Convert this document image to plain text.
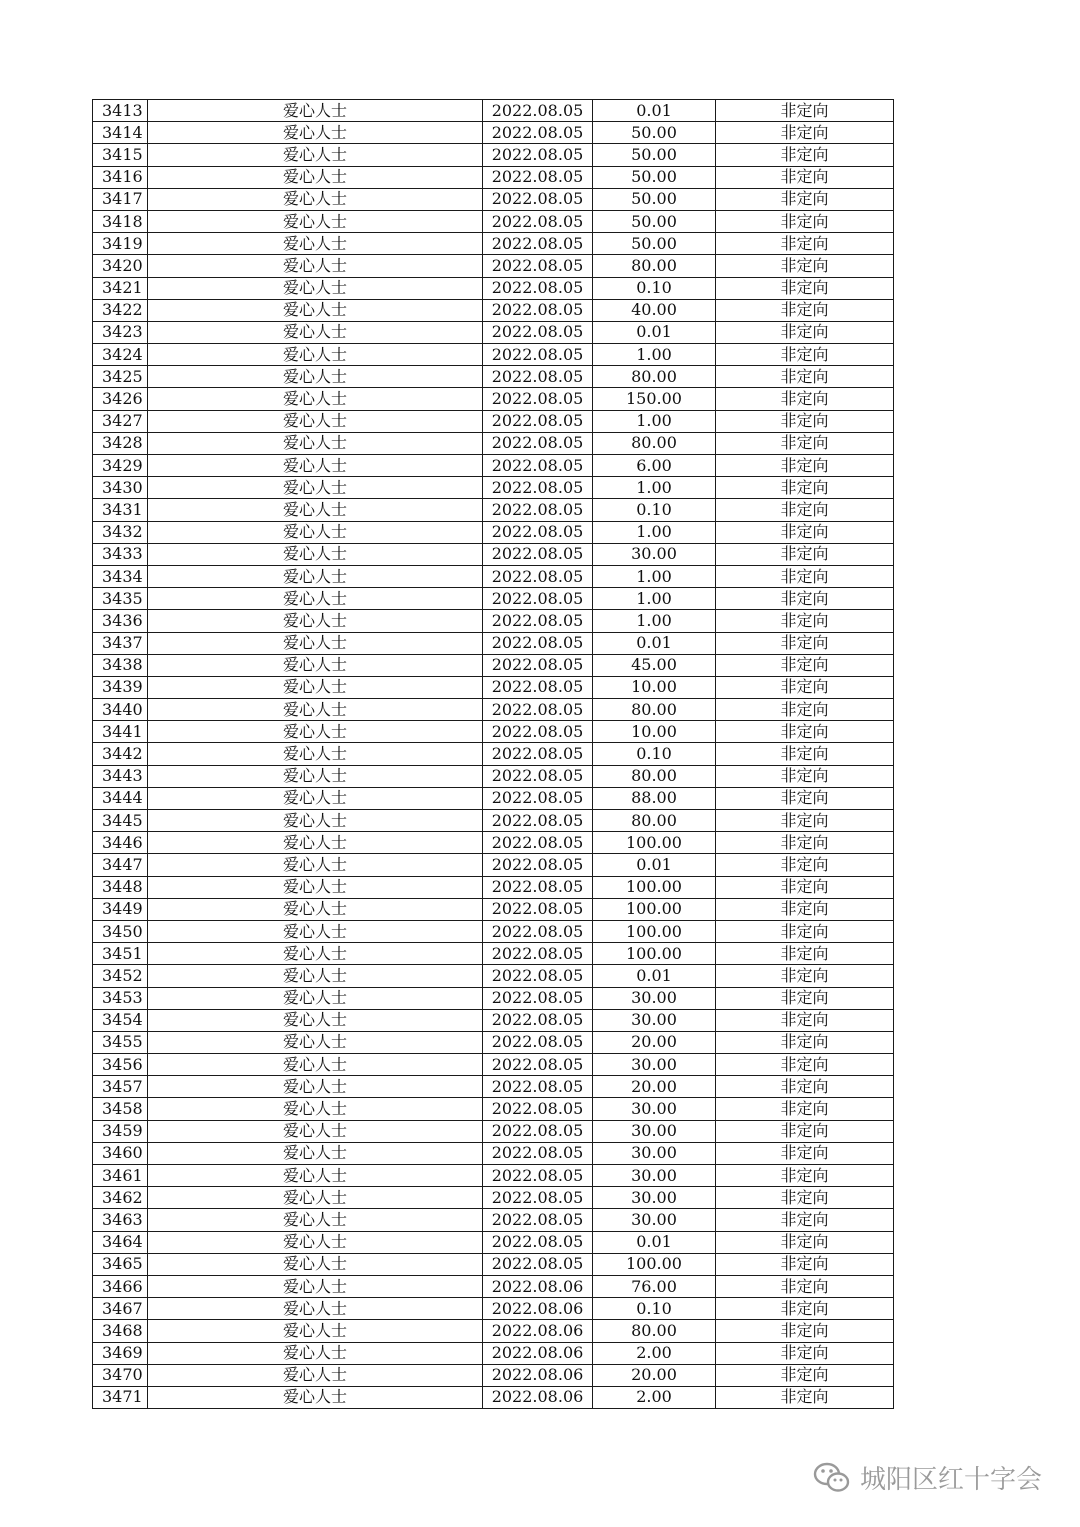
3413	爱心人士	2022.08.05	0.01	非定向
3414	爱心人士	2022.08.05	50.00	非定向
3415	爱心人士	2022.08.05	50.00	非定向
3416	爱心人士	2022.08.05	50.00	非定向
3417	爱心人士	2022.08.05	50.00	非定向
3418	爱心人士	2022.08.05	50.00	非定向
3419	爱心人士	2022.08.05	50.00	非定向
3420	爱心人士	2022.08.05	80.00	非定向
3421	爱心人士	2022.08.05	0.10	非定向
3422	爱心人士	2022.08.05	40.00	非定向
3423	爱心人士	2022.08.05	0.01	非定向
3424	爱心人士	2022.08.05	1.00	非定向
3425	爱心人士	2022.08.05	80.00	非定向
3426	爱心人士	2022.08.05	150.00	非定向
3427	爱心人士	2022.08.05	1.00	非定向
3428	爱心人士	2022.08.05	80.00	非定向
3429	爱心人士	2022.08.05	6.00	非定向
3430	爱心人士	2022.08.05	1.00	非定向
3431	爱心人士	2022.08.05	0.10	非定向
3432	爱心人士	2022.08.05	1.00	非定向
3433	爱心人士	2022.08.05	30.00	非定向
3434	爱心人士	2022.08.05	1.00	非定向
3435	爱心人士	2022.08.05	1.00	非定向
3436	爱心人士	2022.08.05	1.00	非定向
3437	爱心人士	2022.08.05	0.01	非定向
3438	爱心人士	2022.08.05	45.00	非定向
3439	爱心人士	2022.08.05	10.00	非定向
3440	爱心人士	2022.08.05	80.00	非定向
3441	爱心人士	2022.08.05	10.00	非定向
3442	爱心人士	2022.08.05	0.10	非定向
3443	爱心人士	2022.08.05	80.00	非定向
3444	爱心人士	2022.08.05	88.00	非定向
3445	爱心人士	2022.08.05	80.00	非定向
3446	爱心人士	2022.08.05	100.00	非定向
3447	爱心人士	2022.08.05	0.01	非定向
3448	爱心人士	2022.08.05	100.00	非定向
3449	爱心人士	2022.08.05	100.00	非定向
3450	爱心人士	2022.08.05	100.00	非定向
3451	爱心人士	2022.08.05	100.00	非定向
3452	爱心人士	2022.08.05	0.01	非定向
3453	爱心人士	2022.08.05	30.00	非定向
3454	爱心人士	2022.08.05	30.00	非定向
3455	爱心人士	2022.08.05	20.00	非定向
3456	爱心人士	2022.08.05	30.00	非定向
3457	爱心人士	2022.08.05	20.00	非定向
3458	爱心人士	2022.08.05	30.00	非定向
3459	爱心人士	2022.08.05	30.00	非定向
3460	爱心人士	2022.08.05	30.00	非定向
3461	爱心人士	2022.08.05	30.00	非定向
3462	爱心人士	2022.08.05	30.00	非定向
3463	爱心人士	2022.08.05	30.00	非定向
3464	爱心人士	2022.08.05	0.01	非定向
3465	爱心人士	2022.08.05	100.00	非定向
3466	爱心人士	2022.08.06	76.00	非定向
3467	爱心人士	2022.08.06	0.10	非定向
3468	爱心人士	2022.08.06	80.00	非定向
3469	爱心人士	2022.08.06	2.00	非定向
3470	爱心人士	2022.08.06	20.00	非定向
3471	爱心人士	2022.08.06	2.00	非定向
城阳区红十字会
